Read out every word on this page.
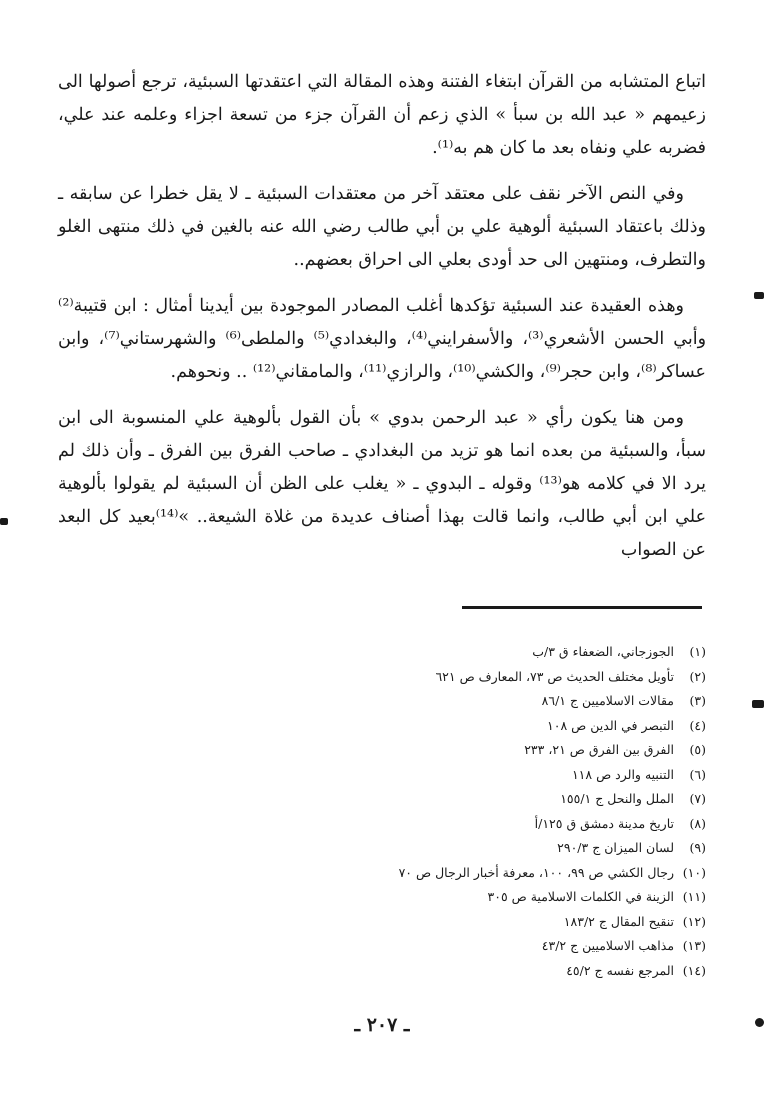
اتباع المتشابه من القرآن ابتغاء الفتنة وهذه المقالة التي اعتقدتها السبئية، ترجع أصولها الى زعيمهم « عبد الله بن سبأ » الذي زعم أن القرآن جزء من تسعة اجزاء وعلمه عند علي، فضربه علي ونفاه بعد ما كان هم به⁽¹⁾.

وفي النص الآخر نقف على معتقد آخر من معتقدات السبئية ـ لا يقل خطرا عن سابقه ـ وذلك باعتقاد السبئية ألوهية علي بن أبي طالب رضي الله عنه بالغين في ذلك منتهى الغلو والتطرف، ومنتهين الى حد أودى بعلي الى احراق بعضهم..

وهذه العقيدة عند السبئية تؤكدها أغلب المصادر الموجودة بين أيدينا أمثال : ابن قتيبة⁽²⁾ وأبي الحسن الأشعري⁽³⁾، والأسفرايني⁽⁴⁾، والبغدادي⁽⁵⁾ والملطى⁽⁶⁾ والشهرستاني⁽⁷⁾، وابن عساكر⁽⁸⁾، وابن حجر⁽⁹⁾، والكشي⁽¹⁰⁾، والرازي⁽¹¹⁾، والمامقاني⁽¹²⁾ .. ونحوهم.

ومن هنا يكون رأي « عبد الرحمن بدوي » بأن القول بألوهية علي المنسوبة الى ابن سبأ، والسبئية من بعده انما هو تزيد من البغدادي ـ صاحب الفرق بين الفرق ـ وأن ذلك لم يرد الا في كلامه هو⁽¹³⁾ وقوله ـ البدوي ـ « يغلب على الظن أن السبئية لم يقولوا بألوهية علي ابن أبي طالب، وانما قالت بهذا أصناف عديدة من غلاة الشيعة.. »⁽¹⁴⁾بعيد كل البعد عن الصواب

(١) الجوزجاني، الضعفاء ق ٣/ب
(٢) تأويل مختلف الحديث ص ٧٣، المعارف ص ٦٢١
(٣) مقالات الاسلاميين ج ٨٦/١
(٤) التبصر في الدين ص ١٠٨
(٥) الفرق بين الفرق ص ٢١، ٢٣٣
(٦) التنبيه والرد ص ١١٨
(٧) الملل والنحل ج ١٥٥/١
(٨) تاريخ مدينة دمشق ق ١٢٥/أ
(٩) لسان الميزان ج ٢٩٠/٣
(١٠) رجال الكشي ص ٩٩، ١٠٠، معرفة أخبار الرجال ص ٧٠
(١١) الزينة في الكلمات الاسلامية ص ٣٠٥
(١٢) تنقيح المقال ج ١٨٣/٢
(١٣) مذاهب الاسلاميين ج ٤٣/٢
(١٤) المرجع نفسه ج ٤٥/٢
ـ ٢٠٧ ـ
